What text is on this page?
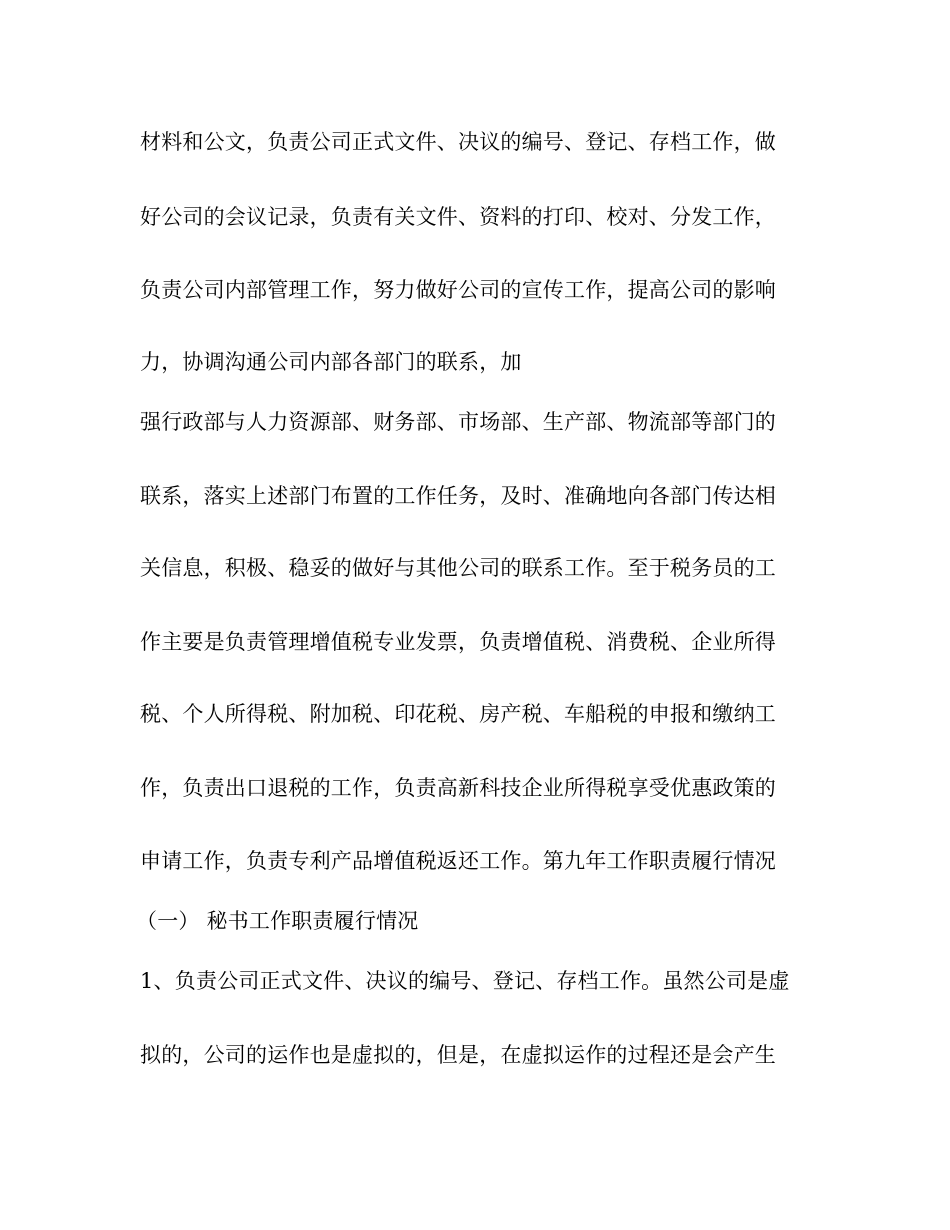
材料和公文，负责公司正式文件、决议的编号、登记、存档工作，做
好公司的会议记录，负责有关文件、资料的打印、校对、分发工作，
负责公司内部管理工作，努力做好公司的宣传工作，提高公司的影响
力，协调沟通公司内部各部门的联系，加
强行政部与人力资源部、财务部、市场部、生产部、物流部等部门的
联系，落实上述部门布置的工作任务，及时、准确地向各部门传达相
关信息，积极、稳妥的做好与其他公司的联系工作。至于税务员的工
作主要是负责管理增值税专业发票，负责增值税、消费税、企业所得
税、个人所得税、附加税、印花税、房产税、车船税的申报和缴纳工
作，负责出口退税的工作，负责高新科技企业所得税享受优惠政策的
申请工作，负责专利产品增值税返还工作。第九年工作职责履行情况
（一） 秘书工作职责履行情况
1、负责公司正式文件、决议的编号、登记、存档工作。虽然公司是虚
拟的，公司的运作也是虚拟的，但是，在虚拟运作的过程还是会产生
